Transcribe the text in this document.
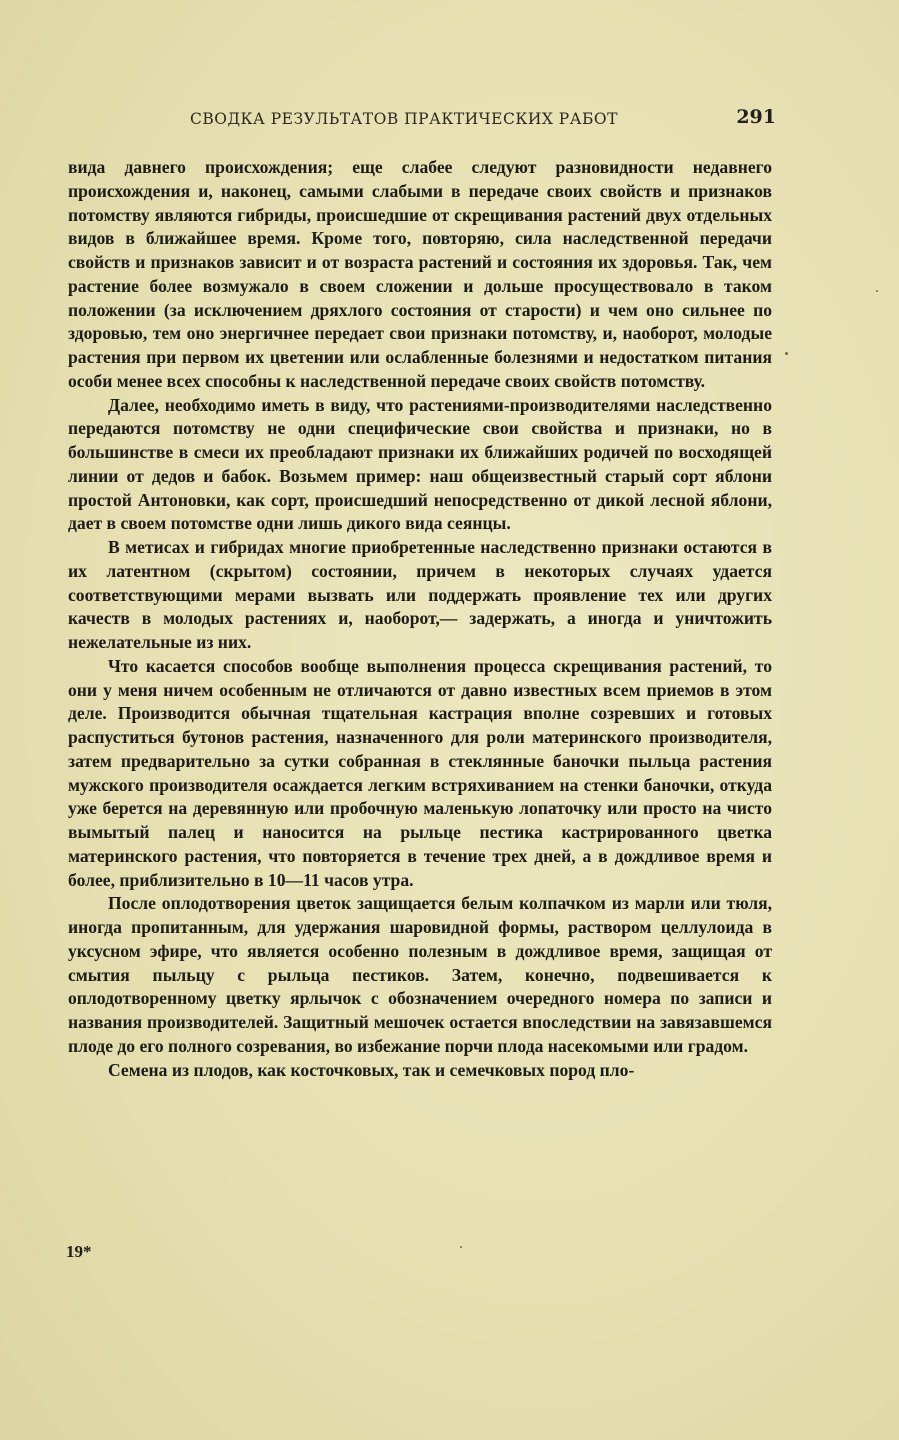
СВОДКА РЕЗУЛЬТАТОВ ПРАКТИЧЕСКИХ РАБОТ	291

вида давнего происхождения; еще слабее следуют разновидности недавнего происхождения и, наконец, самыми слабыми в передаче своих свойств и признаков потомству являются гибриды, происшедшие от скрещивания растений двух отдельных видов в ближайшее время. Кроме того, повторяю, сила наследственной передачи свойств и признаков зависит и от возраста растений и состояния их здоровья. Так, чем растение более возмужало в своем сложении и дольше просуществовало в таком положении (за исключением дряхлого состояния от старости) и чем оно сильнее по здоровью, тем оно энергичнее передает свои признаки потомству, и, наоборот, молодые растения при первом их цветении или ослабленные болезнями и недостатком питания особи менее всех способны к наследственной передаче своих свойств потомству.

Далее, необходимо иметь в виду, что растениями-производителями наследственно передаются потомству не одни специфические свои свойства и признаки, но в большинстве в смеси их преобладают признаки их ближайших родичей по восходящей линии от дедов и бабок. Возьмем пример: наш общеизвестный старый сорт яблони простой Антоновки, как сорт, происшедший непосредственно от дикой лесной яблони, дает в своем потомстве одни лишь дикого вида сеянцы.

В метисах и гибридах многие приобретенные наследственно признаки остаются в их латентном (скрытом) состоянии, причем в некоторых случаях удается соответствующими мерами вызвать или поддержать проявление тех или других качеств в молодых растениях и, наоборот,— задержать, а иногда и уничтожить нежелательные из них.

Что касается способов вообще выполнения процесса скрещивания растений, то они у меня ничем особенным не отличаются от давно известных всем приемов в этом деле. Производится обычная тщательная кастрация вполне созревших и готовых распуститься бутонов растения, назначенного для роли материнского производителя, затем предварительно за сутки собранная в стеклянные баночки пыльца растения мужского производителя осаждается легким встряхиванием на стенки баночки, откуда уже берется на деревянную или пробочную маленькую лопаточку или просто на чисто вымытый палец и наносится на рыльце пестика кастрированного цветка материнского растения, что повторяется в течение трех дней, а в дождливое время и более, приблизительно в 10—11 часов утра.

После оплодотворения цветок защищается белым колпачком из марли или тюля, иногда пропитанным, для удержания шаровидной формы, раствором целлулоида в уксусном эфире, что является особенно полезным в дождливое время, защищая от смытия пыльцу с рыльца пестиков. Затем, конечно, подвешивается к оплодотворенному цветку ярлычок с обозначением очередного номера по записи и названия производителей. Защитный мешочек остается впоследствии на завязавшемся плоде до его полного созревания, во избежание порчи плода насекомыми или градом.

Семена из плодов, как косточковых, так и семечковых пород пло-

19*
